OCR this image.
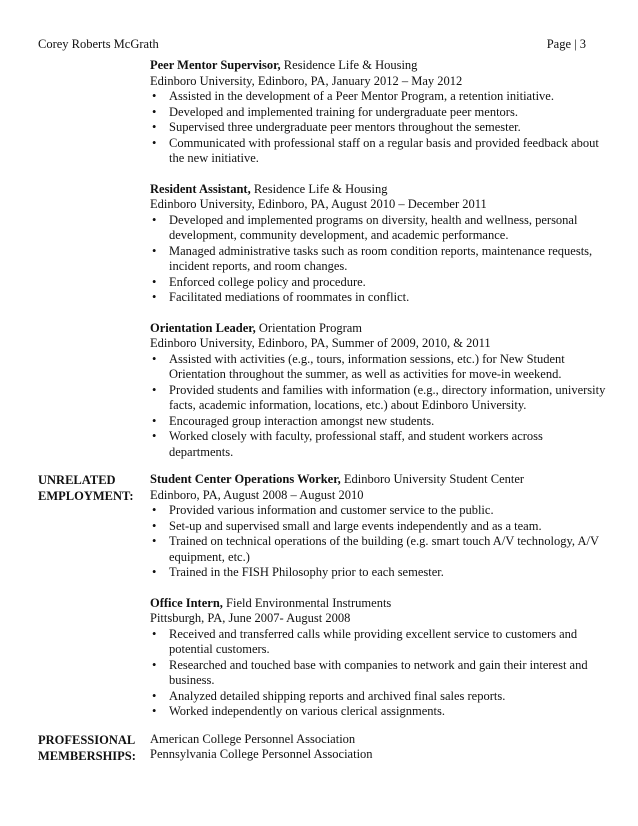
Corey Roberts McGrath	Page | 3
Peer Mentor Supervisor, Residence Life & Housing
Edinboro University, Edinboro, PA, January 2012 – May 2012
• Assisted in the development of a Peer Mentor Program, a retention initiative.
• Developed and implemented training for undergraduate peer mentors.
• Supervised three undergraduate peer mentors throughout the semester.
• Communicated with professional staff on a regular basis and provided feedback about the new initiative.
Resident Assistant, Residence Life & Housing
Edinboro University, Edinboro, PA, August 2010 – December 2011
• Developed and implemented programs on diversity, health and wellness, personal development, community development, and academic performance.
• Managed administrative tasks such as room condition reports, maintenance requests, incident reports, and room changes.
• Enforced college policy and procedure.
• Facilitated mediations of roommates in conflict.
Orientation Leader, Orientation Program
Edinboro University, Edinboro, PA, Summer of 2009, 2010, & 2011
• Assisted with activities (e.g., tours, information sessions, etc.) for New Student Orientation throughout the summer, as well as activities for move-in weekend.
• Provided students and families with information (e.g., directory information, university facts, academic information, locations, etc.) about Edinboro University.
• Encouraged group interaction amongst new students.
• Worked closely with faculty, professional staff, and student workers across departments.
UNRELATED
EMPLOYMENT:
Student Center Operations Worker, Edinboro University Student Center
Edinboro, PA, August 2008 – August 2010
• Provided various information and customer service to the public.
• Set-up and supervised small and large events independently and as a team.
• Trained on technical operations of the building (e.g. smart touch A/V technology, A/V equipment, etc.)
• Trained in the FISH Philosophy prior to each semester.
Office Intern, Field Environmental Instruments
Pittsburgh, PA, June 2007- August 2008
• Received and transferred calls while providing excellent service to customers and potential customers.
• Researched and touched base with companies to network and gain their interest and business.
• Analyzed detailed shipping reports and archived final sales reports.
• Worked independently on various clerical assignments.
PROFESSIONAL
MEMBERSHIPS:
American College Personnel Association
Pennsylvania College Personnel Association
